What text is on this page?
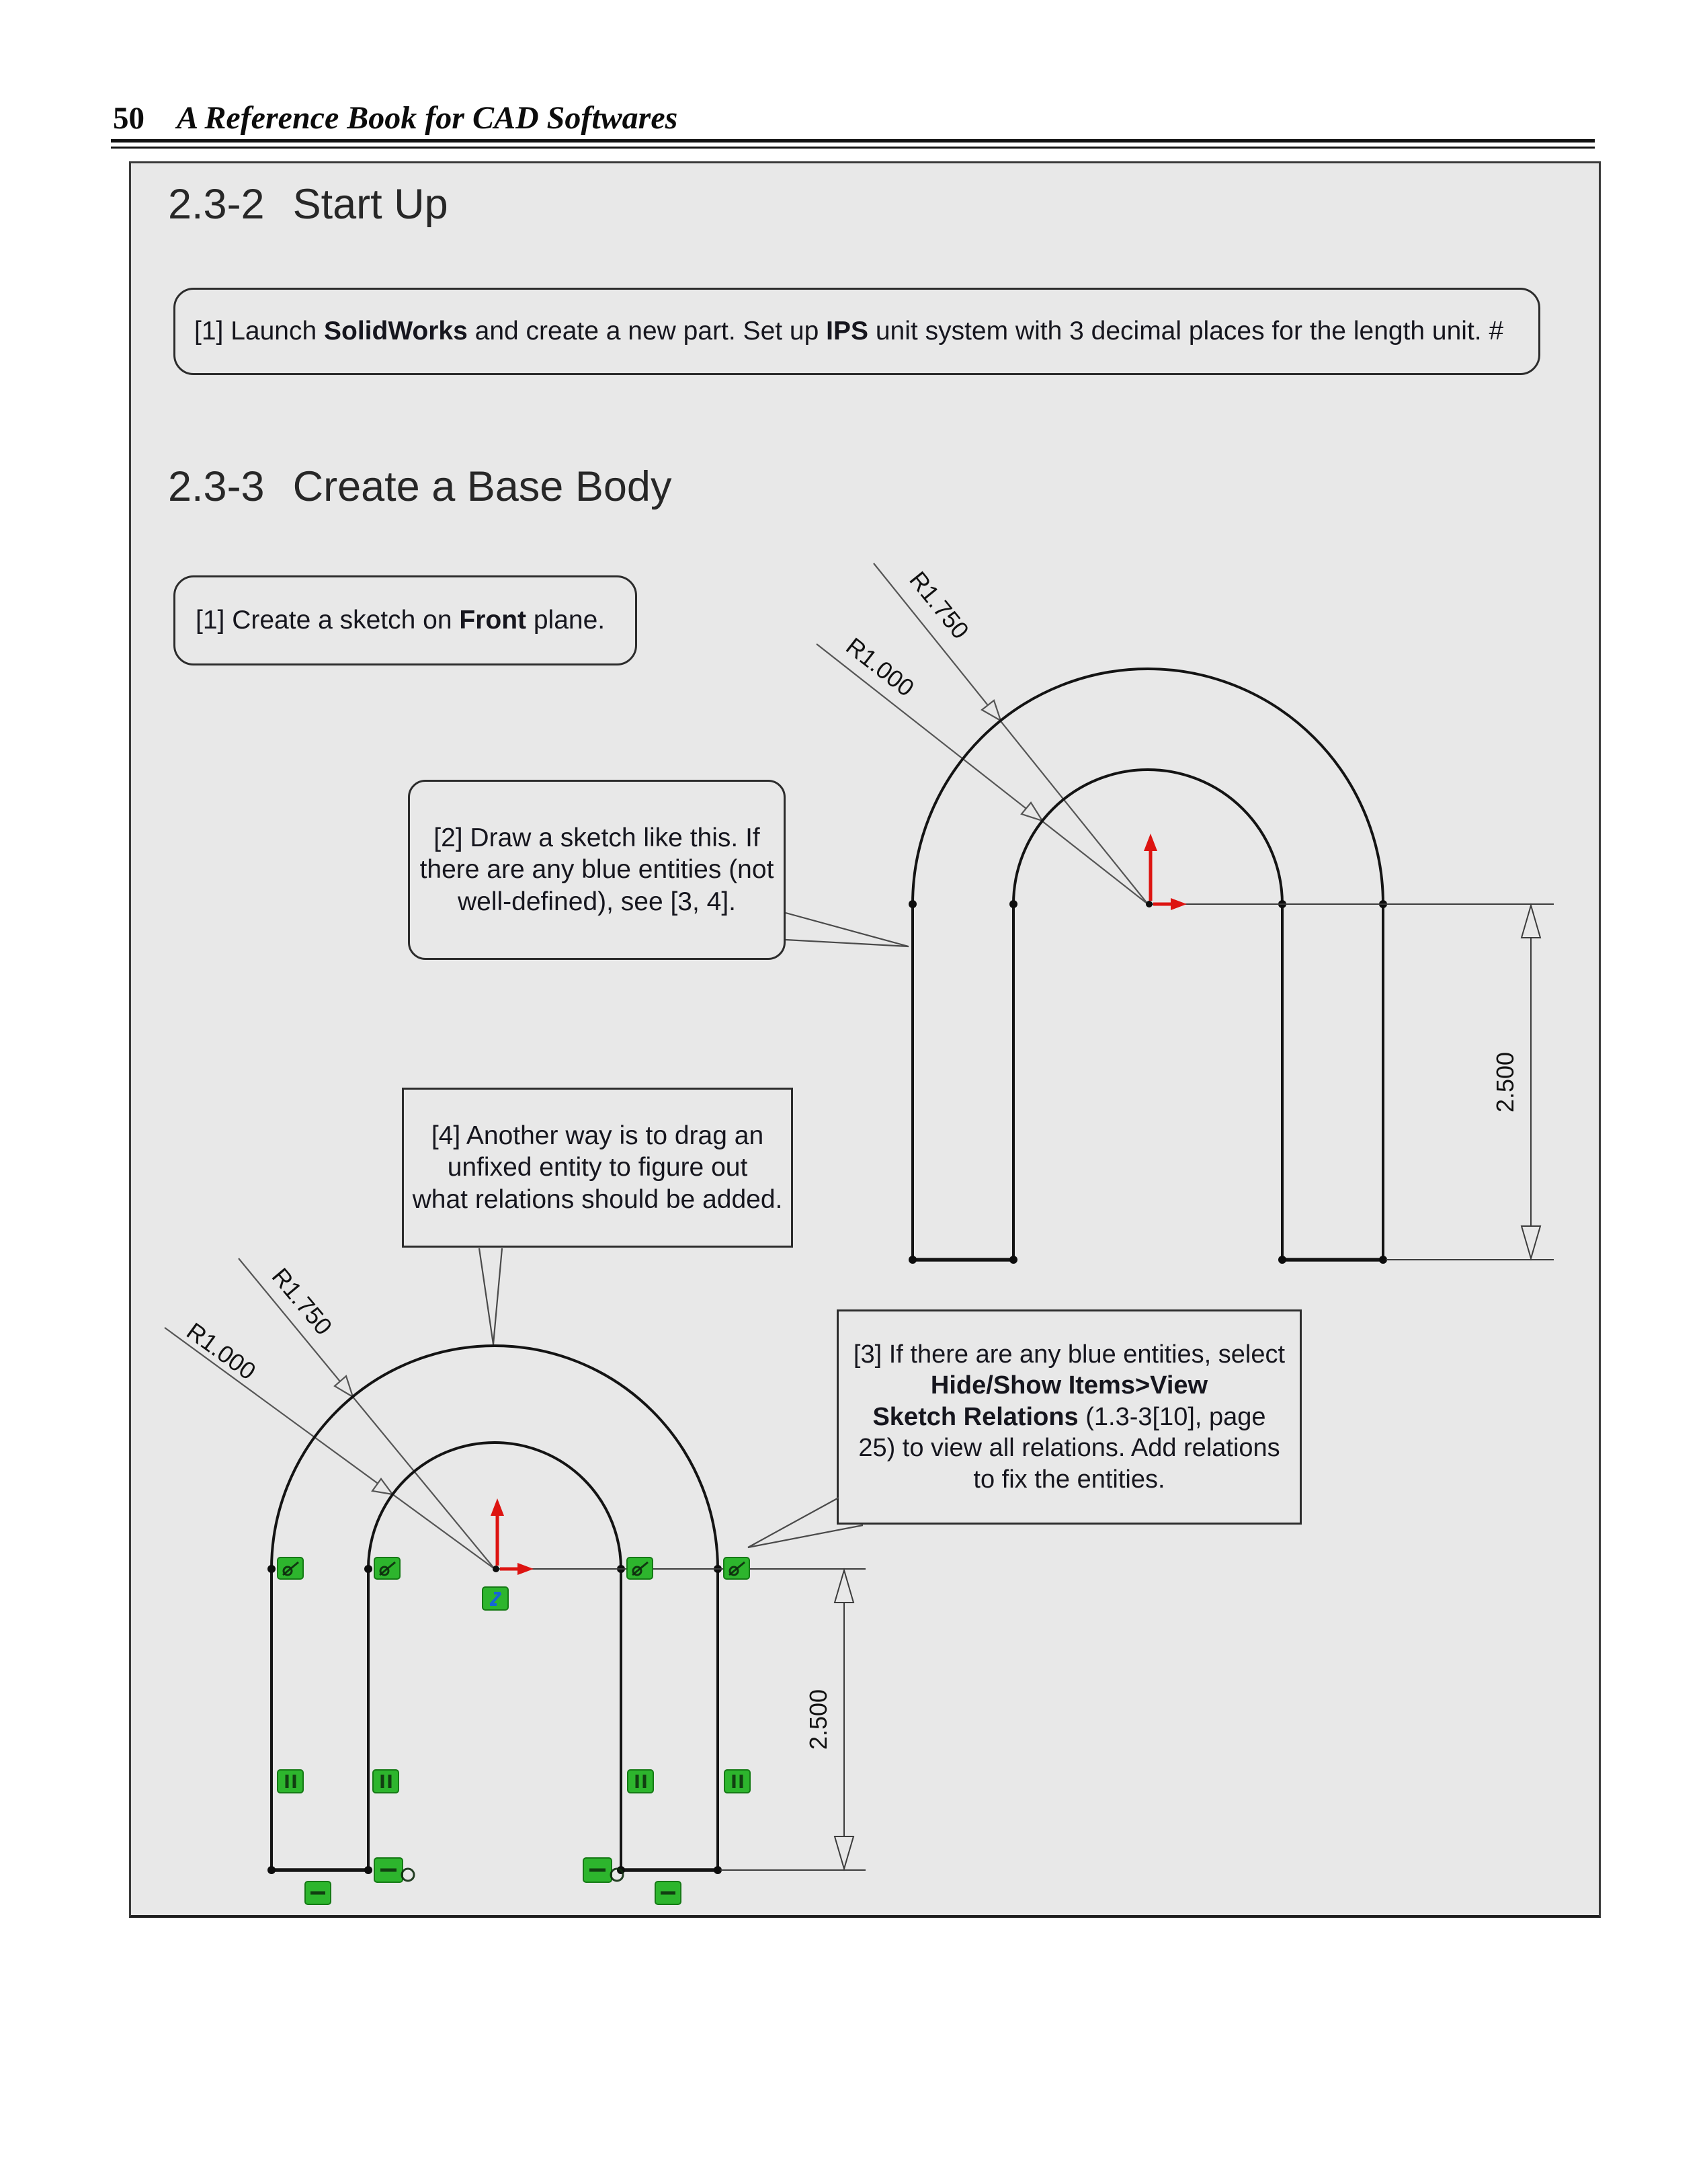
50 A Reference Book for CAD Softwares
2.3-2 Start Up
2.3-3 Create a Base Body
[1] Launch SolidWorks and create a new part. Set up IPS unit system with 3 decimal places for the length unit. #
[1] Create a sketch on Front plane.
[2] Draw a sketch like this. If
there are any blue entities (not
well-defined), see [3, 4].
[4] Another way is to drag an
unfixed entity to figure out
what relations should be added.
[3] If there are any blue entities, select
Hide/Show Items>View
Sketch Relations (1.3-3[10], page
25) to view all relations. Add relations
to fix the entities.
2.500
R1.750
R1.000
2.500
R1.750
R1.000
